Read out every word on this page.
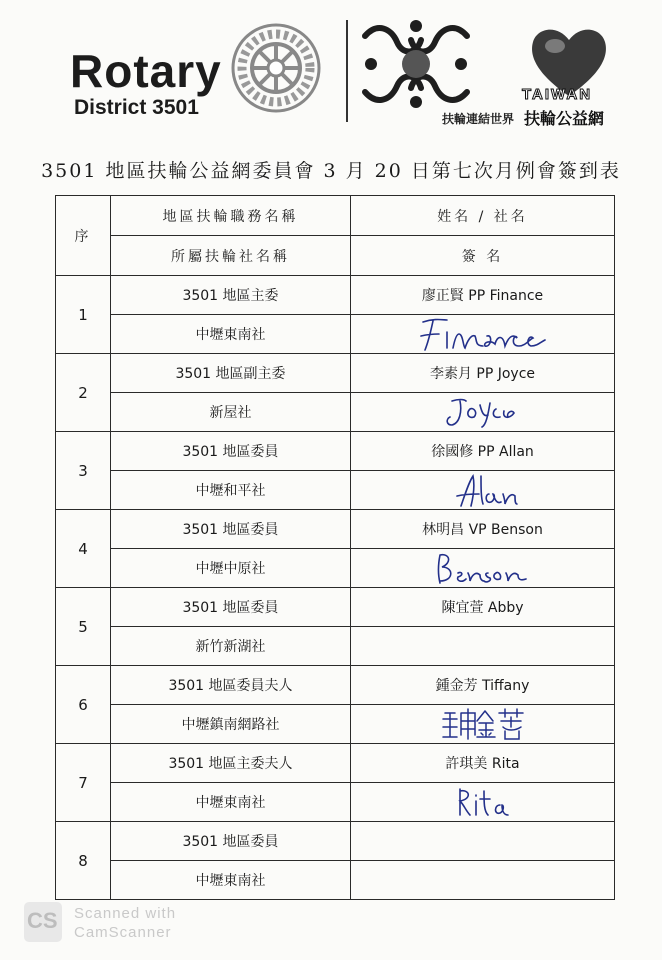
Rotary
District 3501	扶輪連結世界
TAIWAN
扶輪公益網
3501 地區扶輪公益網委員會 3 月 20 日第七次月例會簽到表
序	地區扶輪職務名稱	姓名 / 社名
	所屬扶輪社名稱	簽 名
1	3501 地區主委	廖正賢 PP Finance
	中壢東南社	

2	3501 地區副主委	李素月 PP Joyce
	新屋社	

3	3501 地區委員	徐國修 PP Allan
	中壢和平社	

4	3501 地區委員	林明昌 VP Benson
	中壢中原社	

5	3501 地區委員	陳宜萱 Abby
	新竹新湖社	
6	3501 地區委員夫人	鍾金芳 Tiffany
	中壢鎮南網路社	

7	3501 地區主委夫人	許琪美 Rita
	中壢東南社	

8	3501 地區委員	
	中壢東南社	
CS Scanned with
CamScanner
